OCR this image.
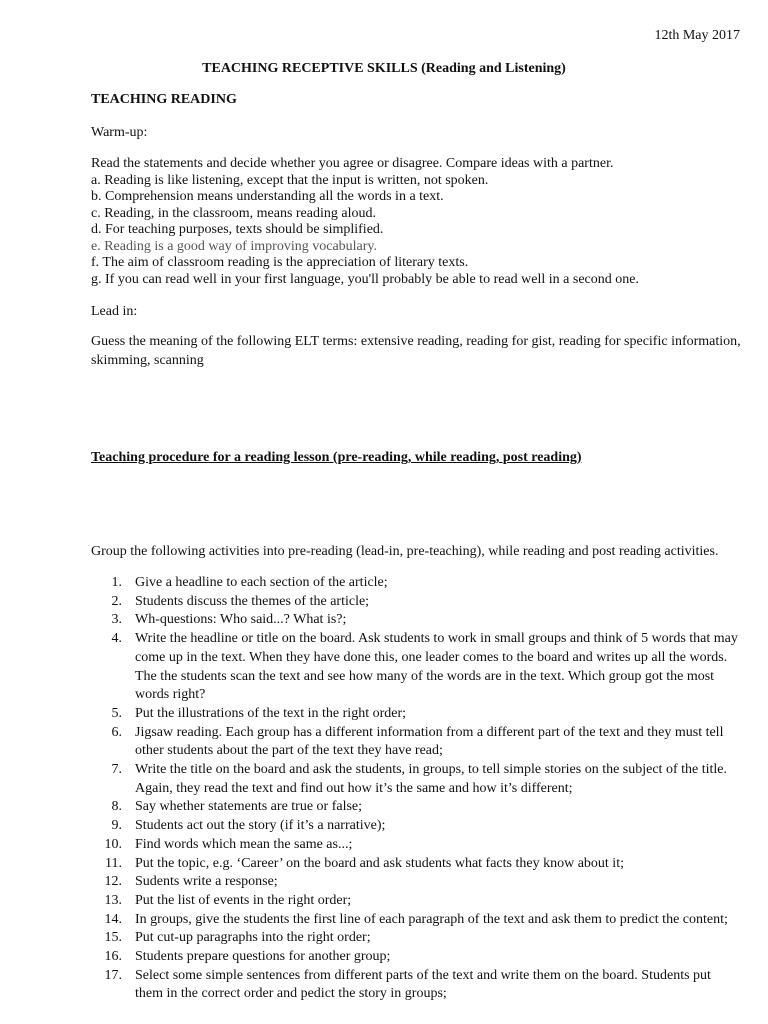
12th May 2017
TEACHING RECEPTIVE SKILLS (Reading and Listening)
TEACHING READING
Warm-up:
Read the statements and decide whether you agree or disagree. Compare ideas with a partner.
a. Reading is like listening, except that the input is written, not spoken.
b. Comprehension means understanding all the words in a text.
c. Reading, in the classroom, means reading aloud.
d. For teaching purposes, texts should be simplified.
e. Reading is a good way of improving vocabulary.
f. The aim of classroom reading is the appreciation of literary texts.
g. If you can read well in your first language, you'll probably be able to read well in a second one.
Lead in:
Guess the meaning of the following ELT terms: extensive reading, reading for gist, reading for specific information, skimming, scanning
Teaching procedure for a reading lesson (pre-reading, while reading, post reading)
Group the following activities into pre-reading (lead-in, pre-teaching), while reading and post reading activities.
1. Give a headline to each section of the article;
2. Students discuss the themes of the article;
3. Wh-questions: Who said...? What is?;
4. Write the headline or title on the board. Ask students to work in small groups and think of 5 words that may come up in the text. When they have done this, one leader comes to the board and writes up all the words. The the students scan the text and see how many of the words are in the text. Which group got the most words right?
5. Put the illustrations of the text in the right order;
6. Jigsaw reading. Each group has a different information from a different part of the text and they must tell other students about the part of the text they have read;
7. Write the title on the board and ask the students, in groups, to tell simple stories on the subject of the title. Again, they read the text and find out how it’s the same and how it’s different;
8. Say whether statements are true or false;
9. Students act out the story (if it’s a narrative);
10. Find words which mean the same as...;
11. Put the topic, e.g. ‘Career’ on the board and ask students what facts they know about it;
12. Sudents write a response;
13. Put the list of events in the right order;
14. In groups, give the students the first line of each paragraph of the text and ask them to predict the content;
15. Put cut-up paragraphs into the right order;
16. Students prepare questions for another group;
17. Select some simple sentences from different parts of the text and write them on the board. Students put them in the correct order and pedict the story in groups;
